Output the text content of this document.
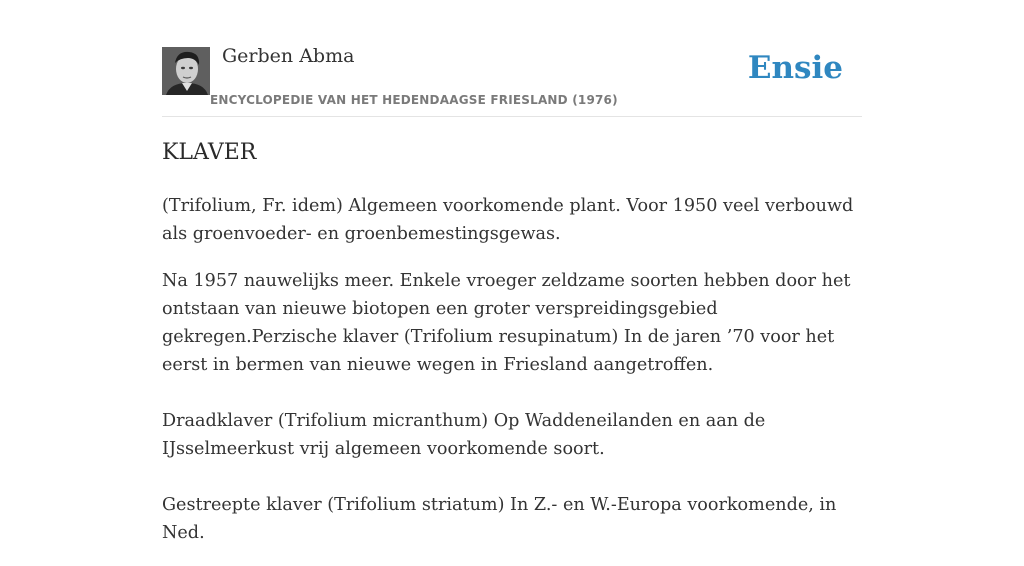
Gerben Abma
ENCYCLOPEDIE VAN HET HEDENDAAGSE FRIESLAND (1976)
Ensie
KLAVER

(Trifolium, Fr. idem) Algemeen voorkomende plant. Voor 1950 veel verbouwd als groenvoeder- en groenbemestingsgewas.

Na 1957 nauwelijks meer. Enkele vroeger zeldzame soorten hebben door het ontstaan van nieuwe biotopen een groter verspreidingsgebied gekregen.Perzische klaver (Trifolium resupinatum) In de jaren ’70 voor het eerst in bermen van nieuwe wegen in Friesland aangetroffen.

Draadklaver (Trifolium micranthum) Op Waddeneilanden en aan de IJsselmeerkust vrij algemeen voorkomende soort.

Gestreepte klaver (Trifolium striatum) In Z.- en W.-Europa voorkomende, in Ned.
